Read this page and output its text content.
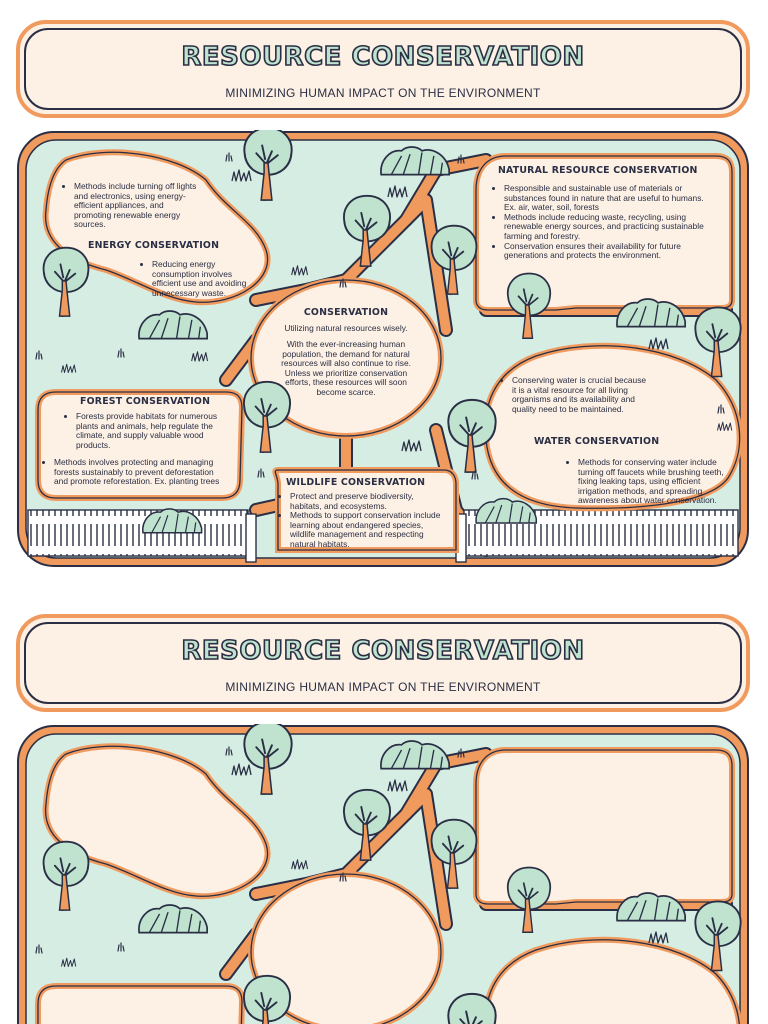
RESOURCE CONSERVATION
MINIMIZING HUMAN IMPACT ON THE ENVIRONMENT
• Methods include turning off lights and electronics, using energy-efficient appliances, and promoting renewable energy sources.
ENERGY CONSERVATION
• Reducing energy consumption involves efficient use and avoiding unnecessary waste.
NATURAL RESOURCE CONSERVATION
• Responsible and sustainable use of materials or substances found in nature that are useful to humans. Ex. air, water, soil, forests
• Methods include reducing waste, recycling, using renewable energy sources, and practicing sustainable farming and forestry.
• Conservation ensures their availability for future generations and protects the environment.
CONSERVATION
Utilizing natural resources wisely.
With the ever-increasing human population, the demand for natural resources will also continue to rise. Unless we prioritize conservation efforts, these resources will soon become scarce.
FOREST CONSERVATION
• Forests provide habitats for numerous plants and animals, help regulate the climate, and supply valuable wood products.
• Methods involves protecting and managing forests sustainably to prevent deforestation and promote reforestation. Ex. planting trees
• Conserving water is crucial because it is a vital resource for all living organisms and its availability and quality need to be maintained.
WATER CONSERVATION
• Methods for conserving water include turning off faucets while brushing teeth, fixing leaking taps, using efficient irrigation methods, and spreading awareness about water conservation.
WILDLIFE CONSERVATION
• Protect and preserve biodiversity, habitats, and ecosystems.
• Methods to support conservation include learning about endangered species, wildlife management and respecting natural habitats.
RESOURCE CONSERVATION
MINIMIZING HUMAN IMPACT ON THE ENVIRONMENT
